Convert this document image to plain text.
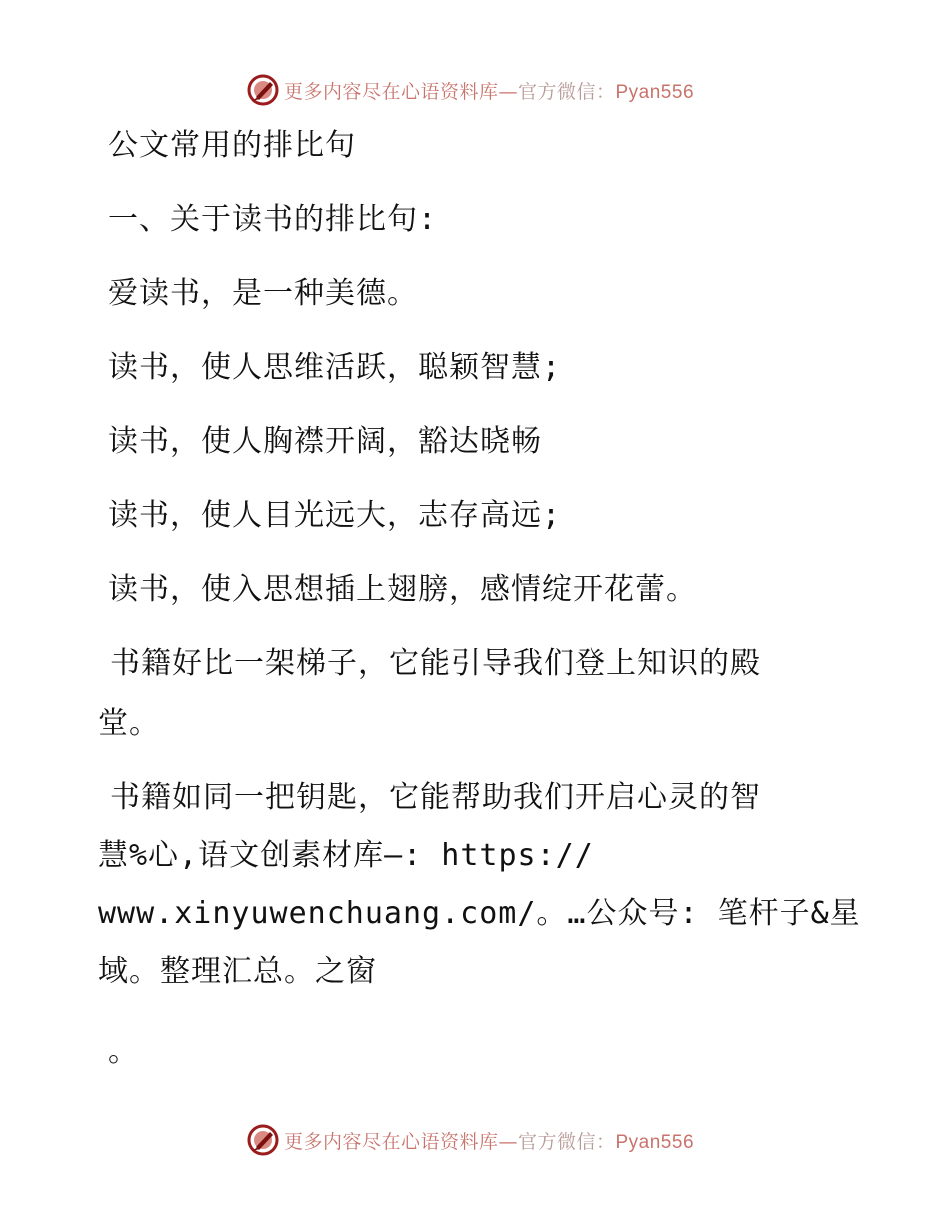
更多内容尽在心语资料库—官方微信：Pyan556
公文常用的排比句
一、关于读书的排比句:
爱读书，是一种美德。
读书，使人思维活跃，聪颖智慧;
读书，使人胸襟开阔，豁达晓畅
读书，使人目光远大，志存高远;
读书，使入思想插上翅膀，感情绽开花蕾。
书籍好比一架梯子，它能引导我们登上知识的殿
堂。
书籍如同一把钥匙，它能帮助我们开启心灵的智
慧%心,语文创素材库—: https://
www.xinyuwenchuang.com/。…公众号: 笔杆子&星
域。整理汇总。之窗
。
更多内容尽在心语资料库—官方微信：Pyan556
